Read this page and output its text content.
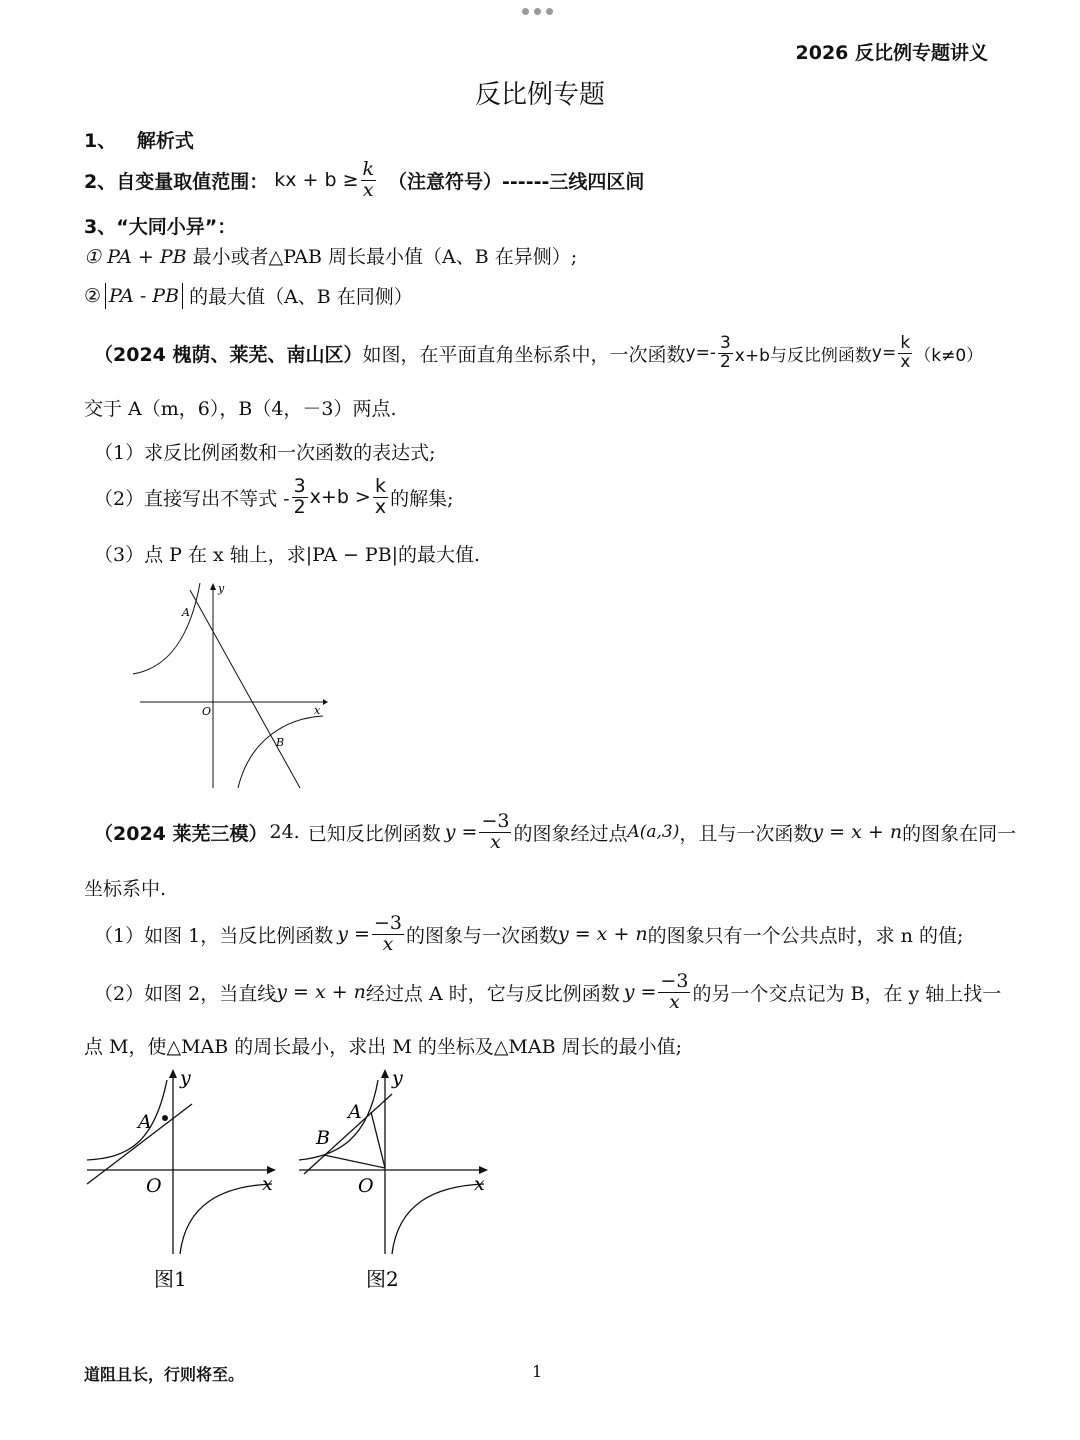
2026 反比例专题讲义
反比例专题
1、 解析式
2、自变量取值范围： kx + $b \ge \frac{k}{x}$ （注意符号）------三线四区间
3、“大同小异”：
① PA + PB 最小或者△PAB 周长最小值（A、B 在异侧）;
② PA - PB 的最大值（A、B 在同侧）
（2024 槐荫、莱芜、南山区） 如图，在平面直角坐标系中，一次函数 $y=- \frac{3}{2} x+b$与反比例函数 $y= \frac{k}{x} (k\ne 0)$
交于 A（m，6），B（4，－3）两点.
（1）求反比例函数和一次函数的表达式;
（2）直接写出不等式 - $\frac{3}{2} x+b > \frac{k}{x}$ 的解集;
（3）点 P 在 x 轴上，求|PA − PB|的最大值.
A
B
O	x
y
（2024 莱芜三模） 24. 已知反比例函数 $y = \frac{-3}{x}$ 的图象经过点 A(a,3) ，且与一次函数 y = x + n 的图象在同一
坐标系中.
（1）如图 1，当反比例函数 $y = \frac{-3}{x}$ 的图象与一次函数 y = x + n 的图象只有一个公共点时，求 n 的值;
（2）如图 2，当直线 y = x + n 经过点 A 时，它与反比例函数 $y = \frac{-3}{x}$ 的另一个交点记为 B，在 y 轴上找一
点 M，使△MAB 的周长最小，求出 M 的坐标及△MAB 周长的最小值;
A
O	x
y
图1
A
B
O	x
y
图2
道阻且长，行则将至。	1
